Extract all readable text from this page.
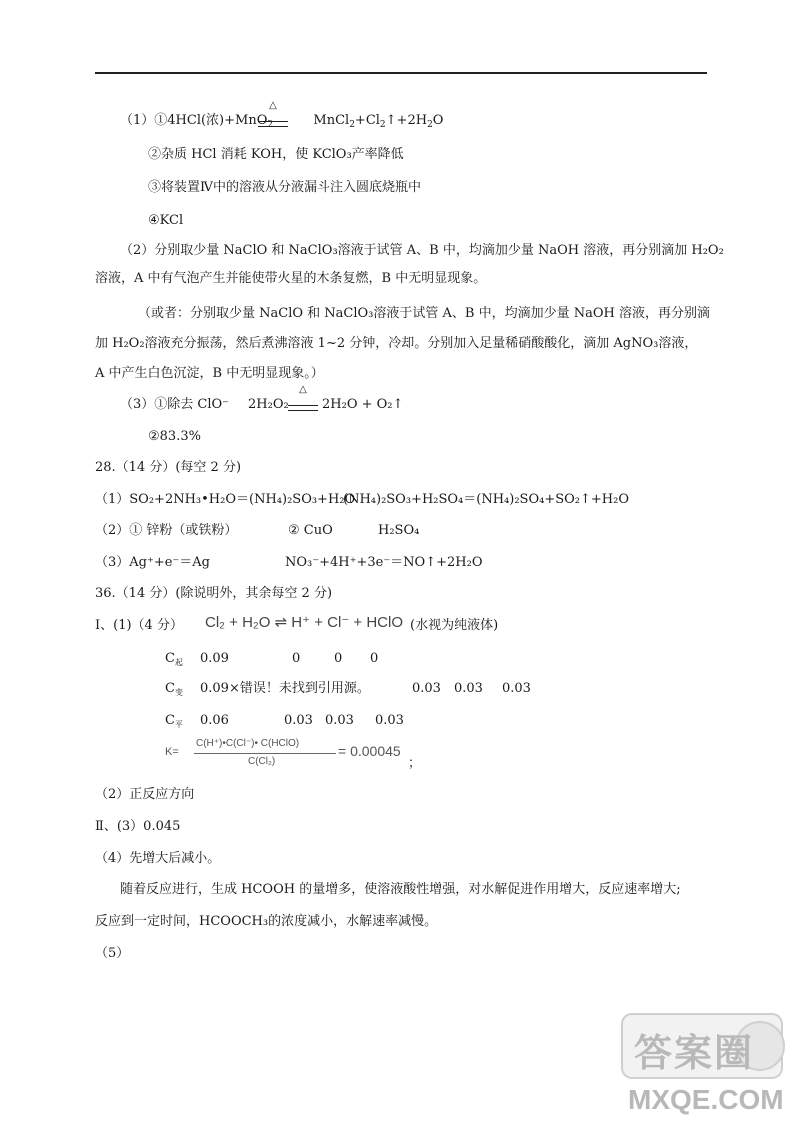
（1）①4HCl(浓)+MnO$_2$	$MnCl_2+Cl_2↑+2H_2O$
△
②杂质 HCl 消耗 KOH，使 KClO₃产率降低
③将装置Ⅳ中的溶液从分液漏斗注入圆底烧瓶中
④KCl
（2）分别取少量 NaClO 和 NaClO₃溶液于试管 A、B 中，均滴加少量 NaOH 溶液，再分别滴加 H₂O₂
溶液，A 中有气泡产生并能使带火星的木条复燃，B 中无明显现象。
（或者：分别取少量 NaClO 和 NaClO₃溶液于试管 A、B 中，均滴加少量 NaOH 溶液，再分别滴
加 H₂O₂溶液充分振荡，然后煮沸溶液 1~2 分钟，冷却。分别加入足量稀硝酸酸化，滴加 AgNO₃溶液，
A 中产生白色沉淀，B 中无明显现象。）
（3）①除去 ClO⁻ 2H₂O₂
△
2H₂O + O₂↑
②83.3%
28.（14 分）(每空 2 分)
（1）SO₂+2NH₃•H₂O＝(NH₄)₂SO₃+H₂O
(NH₄)₂SO₃+H₂SO₄＝(NH₄)₂SO₄+SO₂↑+H₂O
（2）① 锌粉（或铁粉）	② CuO	H₂SO₄
（3）Ag⁺+e⁻＝Ag	NO₃⁻+4H⁺+3e⁻＝NO↑+2H₂O
36.（14 分）(除说明外，其余每空 2 分)
Ⅰ、(1)（4 分） Cl₂ + H₂O ⇌ H⁺ + Cl⁻ + HClO (水视为纯液体)
$C_起$ 0.09	0	0 0
$C_变$ 0.09×错误！未找到引用源。	0.03 0.03 0.03
$C_平$ 0.06	0.03 0.03 0.03
K=
C(H⁺)•C(Cl⁻)• C(HClO)
C(Cl₂)
= 0.00045
；
（2）正反应方向
Ⅱ、(3）0.045
（4）先增大后减小。
随着反应进行，生成 HCOOH 的量增多，使溶液酸性增强，对水解促进作用增大，反应速率增大;
反应到一定时间，HCOOCH₃的浓度减小，水解速率减慢。
（5）
答案圈
MXQE.COM
